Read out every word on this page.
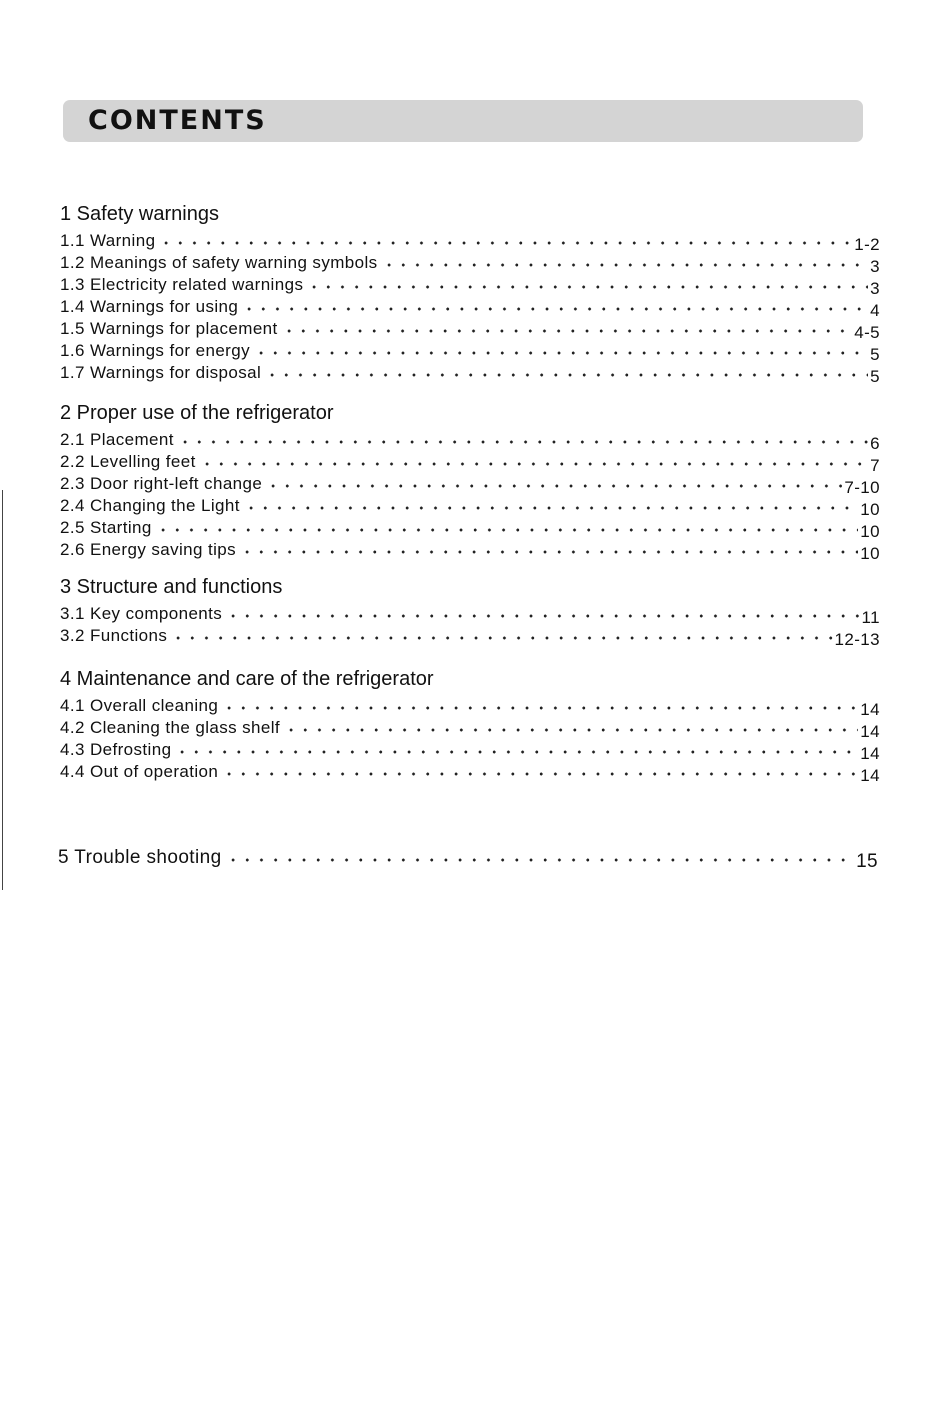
CONTENTS
1 Safety warnings
1.1 Warning	1-2
1.2 Meanings of safety warning symbols	3
1.3 Electricity related warnings	3
1.4 Warnings for using	4
1.5 Warnings for placement	4-5
1.6 Warnings for energy	5
1.7 Warnings for disposal	5
2 Proper use of the refrigerator
2.1 Placement	6
2.2 Levelling feet	7
2.3 Door right-left change	7-10
2.4 Changing the Light	10
2.5 Starting	10
2.6 Energy saving tips	10
3 Structure and functions
3.1 Key components	11
3.2 Functions	12-13
4 Maintenance and care of the refrigerator
4.1 Overall cleaning	14
4.2 Cleaning the glass shelf	14
4.3 Defrosting	14
4.4 Out of operation	14
5 Trouble shooting	15
